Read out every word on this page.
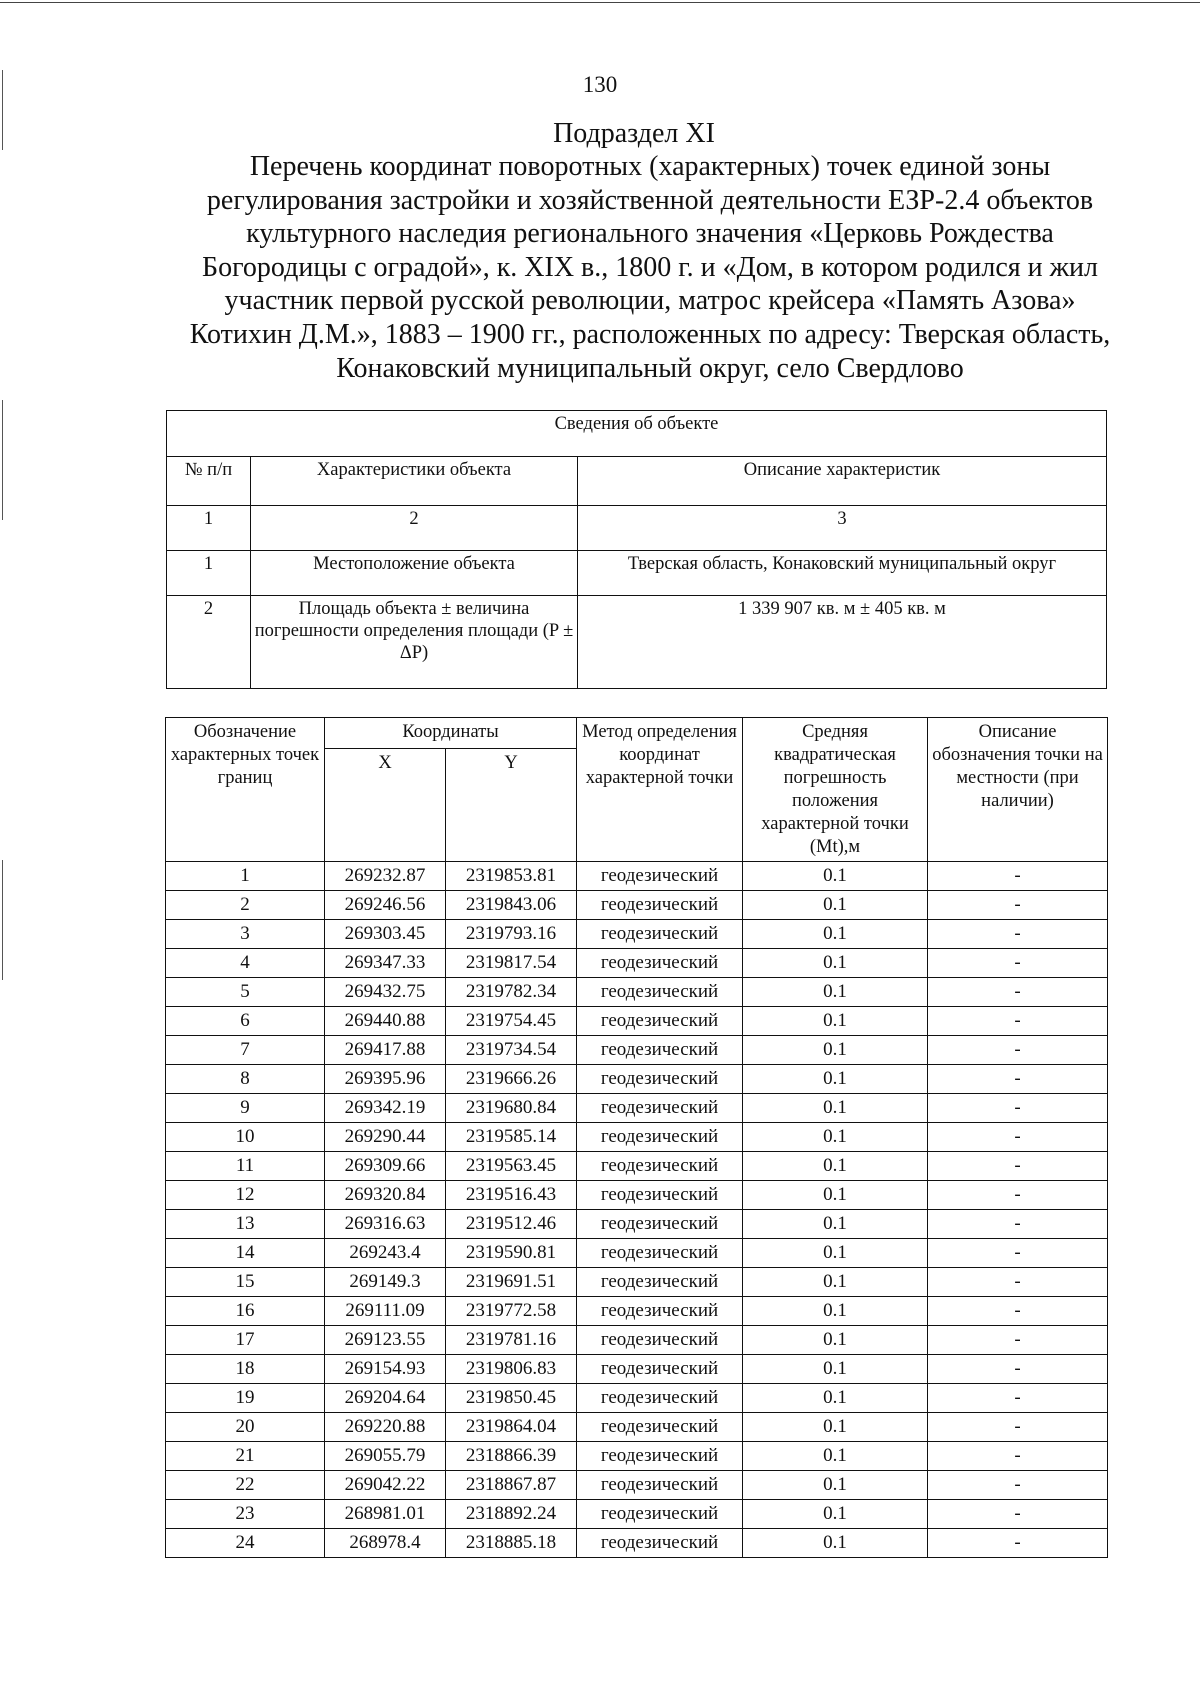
130
Подраздел XI
Перечень координат поворотных (характерных) точек единой зоны
регулирования застройки и хозяйственной деятельности ЕЗР-2.4 объектов
культурного наследия регионального значения «Церковь Рождества
Богородицы с оградой», к. XIX в., 1800 г. и «Дом, в котором родился и жил
участник первой русской революции, матрос крейсера «Память Азова»
Котихин Д.М.», 1883 – 1900 гг., расположенных по адресу: Тверская область,
Конаковский муниципальный округ, село Свердлово
Сведения об объекте		
№ п/п	Характеристики объекта	Описание характеристик
1	2	3
1	Местоположение объекта	Тверская область, Конаковский муниципальный округ
2	Площадь объекта ± величина погрешности определения площади (P ± ΔP)	1 339 907 кв. м ± 405 кв. м
Обозначение характерных точек границ	Координаты		Метод определения координат характерной точки	Средняя квадратическая погрешность положения характерной точки (Mt),м	Описание обозначения точки на местности (при наличии)
	X	Y			
1	269232.87	2319853.81	геодезический	0.1	-
2	269246.56	2319843.06	геодезический	0.1	-
3	269303.45	2319793.16	геодезический	0.1	-
4	269347.33	2319817.54	геодезический	0.1	-
5	269432.75	2319782.34	геодезический	0.1	-
6	269440.88	2319754.45	геодезический	0.1	-
7	269417.88	2319734.54	геодезический	0.1	-
8	269395.96	2319666.26	геодезический	0.1	-
9	269342.19	2319680.84	геодезический	0.1	-
10	269290.44	2319585.14	геодезический	0.1	-
11	269309.66	2319563.45	геодезический	0.1	-
12	269320.84	2319516.43	геодезический	0.1	-
13	269316.63	2319512.46	геодезический	0.1	-
14	269243.4	2319590.81	геодезический	0.1	-
15	269149.3	2319691.51	геодезический	0.1	-
16	269111.09	2319772.58	геодезический	0.1	-
17	269123.55	2319781.16	геодезический	0.1	-
18	269154.93	2319806.83	геодезический	0.1	-
19	269204.64	2319850.45	геодезический	0.1	-
20	269220.88	2319864.04	геодезический	0.1	-
21	269055.79	2318866.39	геодезический	0.1	-
22	269042.22	2318867.87	геодезический	0.1	-
23	268981.01	2318892.24	геодезический	0.1	-
24	268978.4	2318885.18	геодезический	0.1	-
